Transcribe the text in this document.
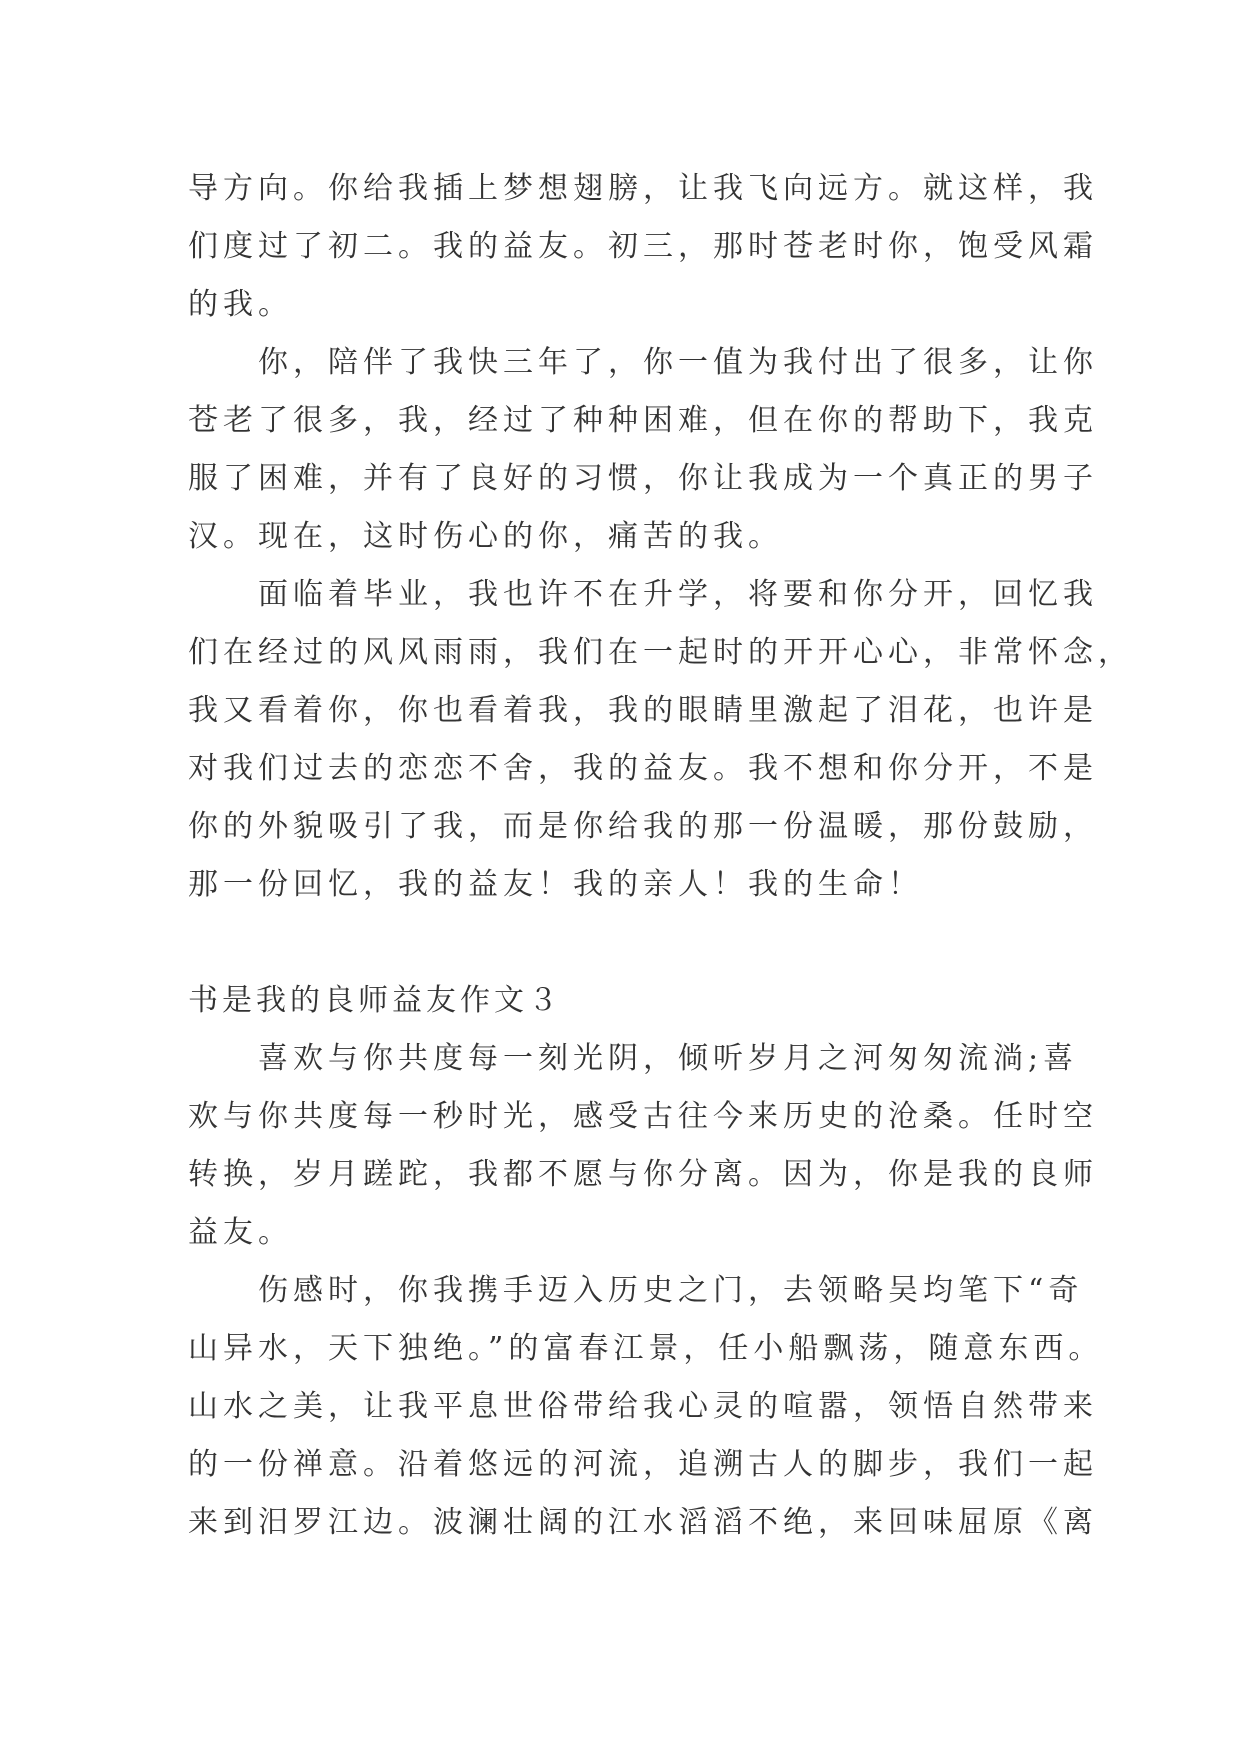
导方向。你给我插上梦想翅膀，让我飞向远方。就这样，我
们度过了初二。我的益友。初三，那时苍老时你，饱受风霜
的我。
　　你，陪伴了我快三年了，你一值为我付出了很多，让你
苍老了很多，我，经过了种种困难，但在你的帮助下，我克
服了困难，并有了良好的习惯，你让我成为一个真正的男子
汉。现在，这时伤心的你，痛苦的我。
　　面临着毕业，我也许不在升学，将要和你分开，回忆我
们在经过的风风雨雨，我们在一起时的开开心心，非常怀念，
我又看着你，你也看着我，我的眼睛里激起了泪花，也许是
对我们过去的恋恋不舍，我的益友。我不想和你分开，不是
你的外貌吸引了我，而是你给我的那一份温暖，那份鼓励，
那一份回忆，我的益友！我的亲人！我的生命！
书是我的良师益友作文３
　　喜欢与你共度每一刻光阴，倾听岁月之河匆匆流淌;喜
欢与你共度每一秒时光，感受古往今来历史的沧桑。任时空
转换，岁月蹉跎，我都不愿与你分离。因为，你是我的良师
益友。
　　伤感时，你我携手迈入历史之门，去领略吴均笔下“奇
山异水，天下独绝。”的富春江景，任小船飘荡，随意东西。
山水之美，让我平息世俗带给我心灵的喧嚣，领悟自然带来
的一份禅意。沿着悠远的河流，追溯古人的脚步，我们一起
来到汨罗江边。波澜壮阔的江水滔滔不绝，来回味屈原《离
